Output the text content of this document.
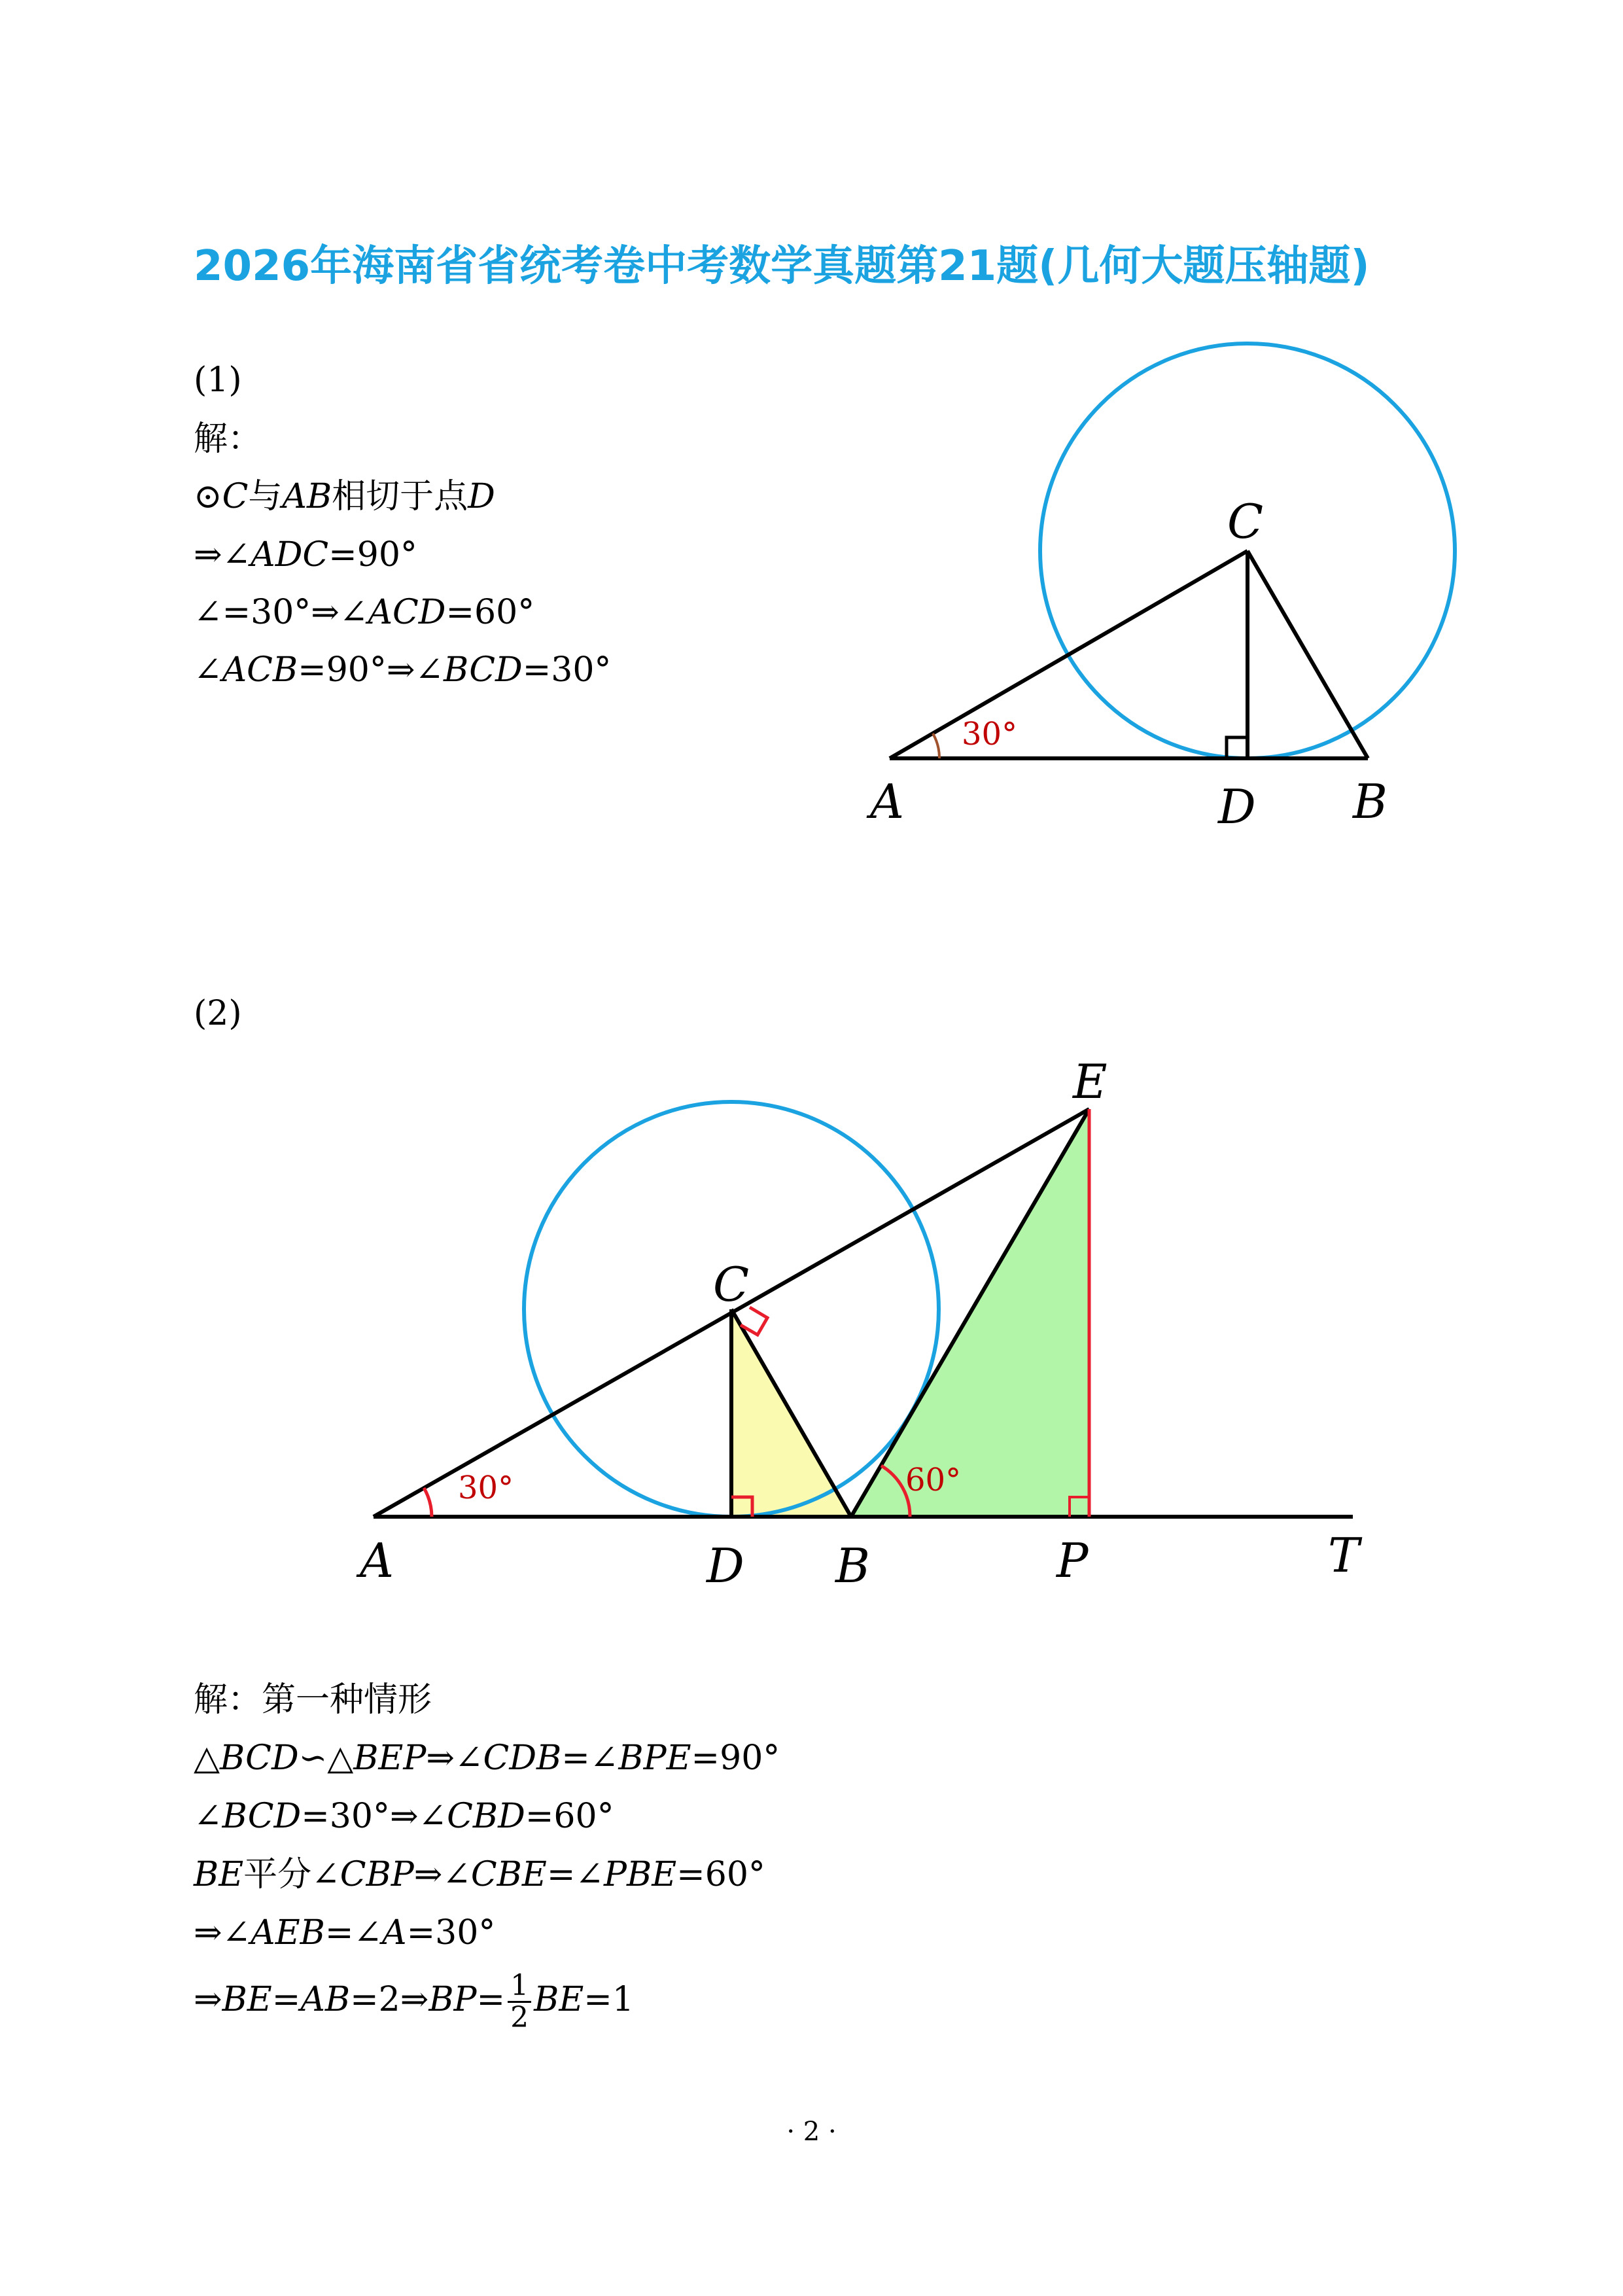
2026年海南省省统考卷中考数学真题第21题(几何大题压轴题)
(1)
解：
⊙C与AB相切于点D
⇒∠ADC=90°
∠=30°⇒∠ACD=60°
∠ACB=90°⇒∠BCD=30°
(2)
30°
C
A	D B
30°	60°
E
C
A	D B	P	T
解：第一种情形
△BCD∽△BEP⇒∠CDB=∠BPE=90°
∠BCD=30°⇒∠CBD=60°
BE平分∠CBP⇒∠CBE=∠PBE=60°
⇒∠AEB=∠A=30°
⇒BE=AB=2⇒BP= $\frac{1}{2} BE=1$
· 2 ·
